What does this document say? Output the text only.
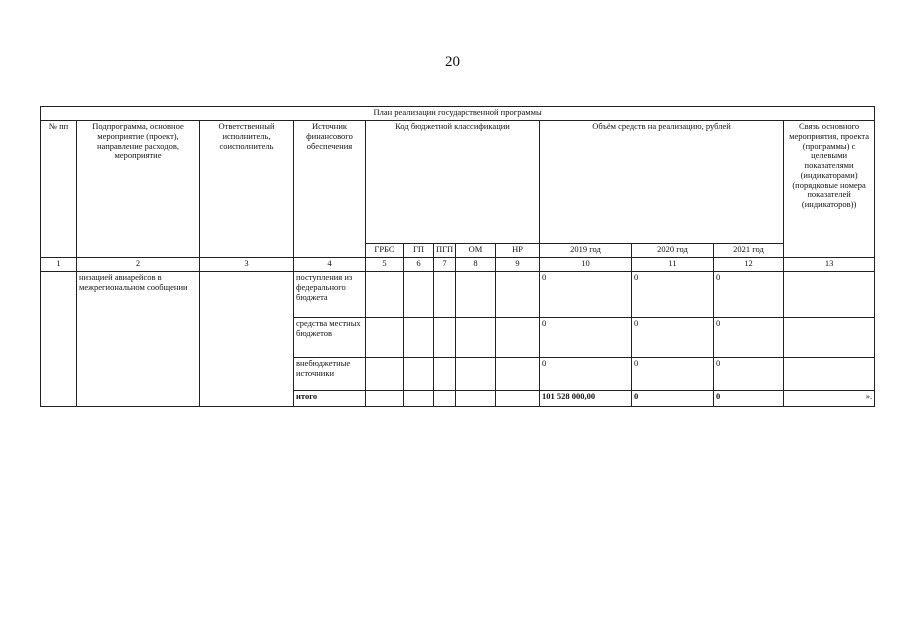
20
План реализации государственной программы												
№ пп	Подпрограмма, основное мероприятие (проект), направление расходов, мероприятие	Ответственный исполнитель, соисполнитель	Источник финансового обеспечения	Код бюджетной классификации					Объём средств на реализацию, рублей			Связь основного мероприятия, проекта (программы) с целевыми показателями (индикаторами) (порядковые номера показателей (индикаторов))
				ГРБС	ГП	ПГП	ОМ	НР	2019 год	2020 год	2021 год	
1	2	3	4	5	6	7	8	9	10	11	12	13
	низацией авиарейсов в межрегиональном сообщении		поступления из федерального бюджета						0	0	0	
			средства местных бюджетов						0	0	0	
			внебюджетные источники						0	0	0	
			итого						101 528 000,00	0	0	».
